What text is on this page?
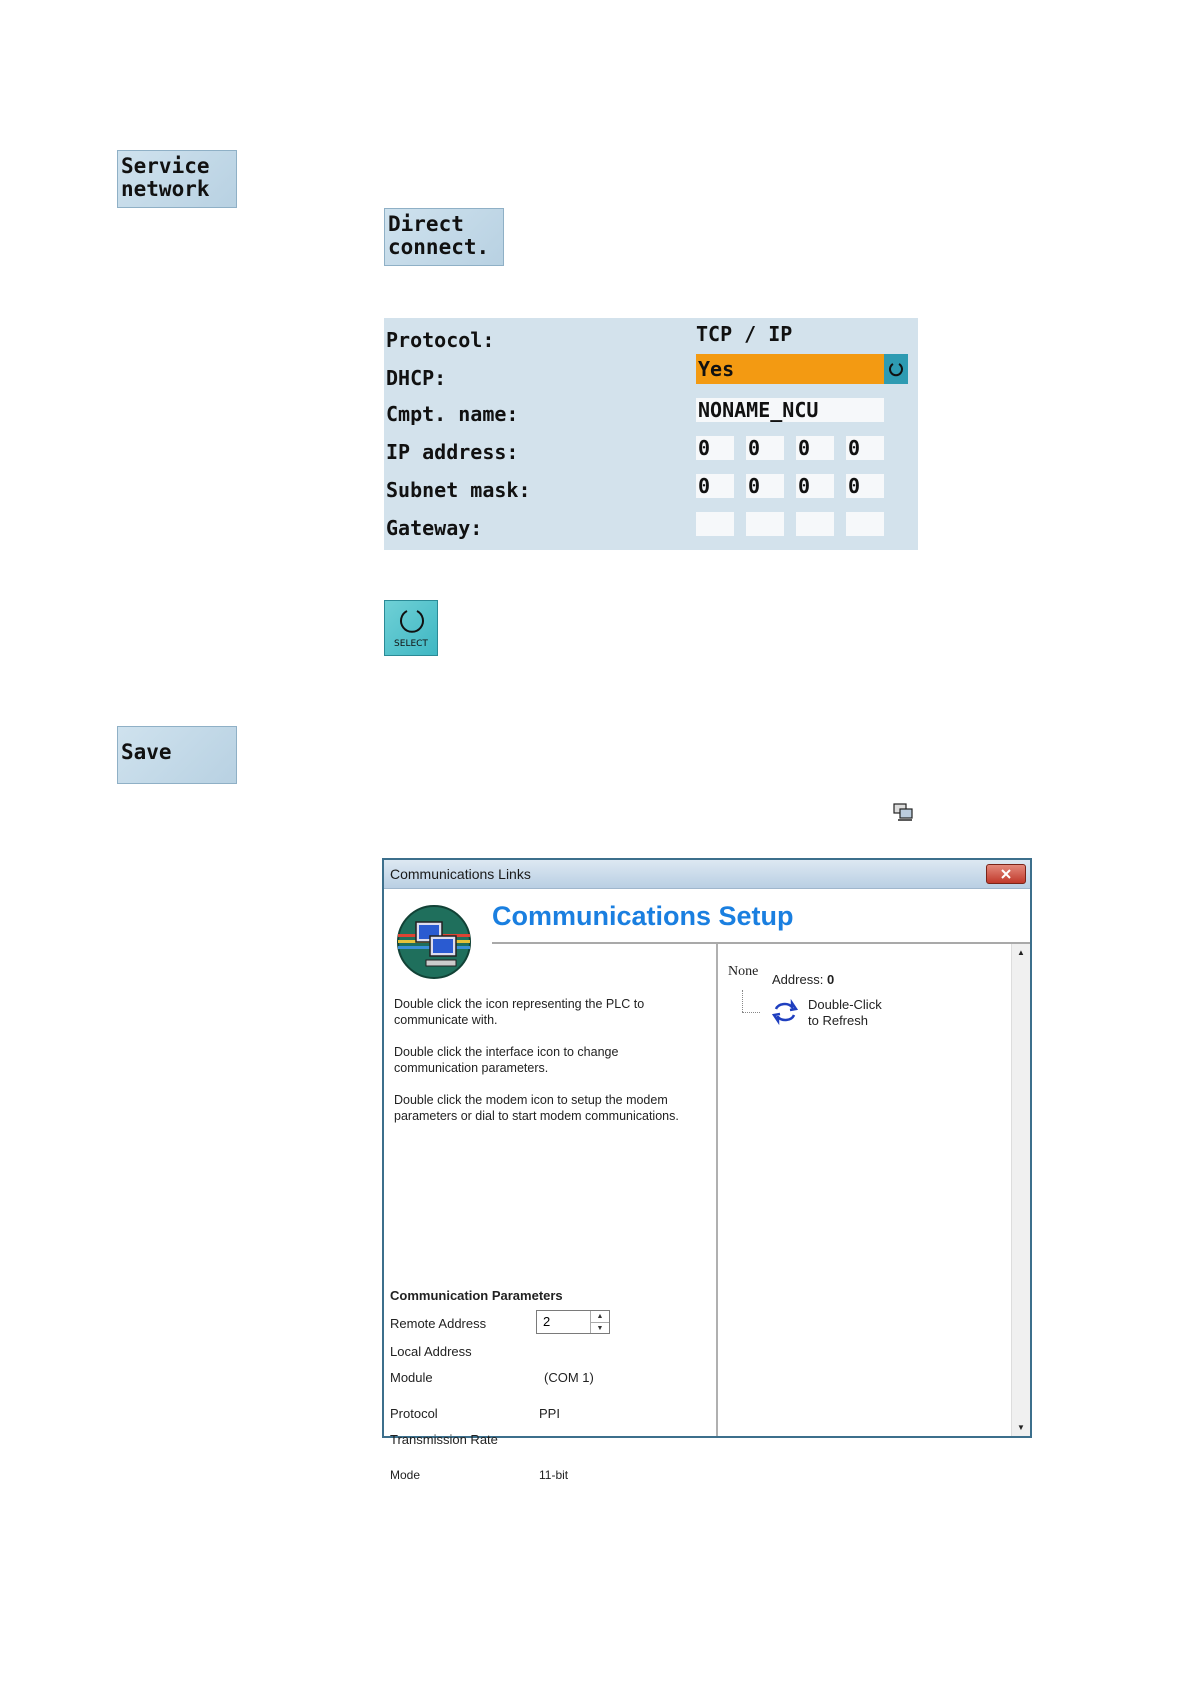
Service
network
Direct
connect.
Protocol:	TCP / IP
DHCP:	Yes
Cmpt. name:	NONAME_NCU
IP address:	0	0	0	0
Subnet mask:	0	0	0	0
Gateway:
SELECT
Save
Communications Links
Communications Setup
Double click the icon representing the PLC to communicate with.
Double click the interface icon to change communication parameters.
Double click the modem icon to setup the modem parameters or dial to start modem communications.
Communication Parameters
Remote Address	2	▲
▼
Local Address
Module	(COM 1)
Protocol	PPI
Transmission Rate
Mode	11-bit
None
Address: 0
Double-Click
to Refresh
▲
▼
